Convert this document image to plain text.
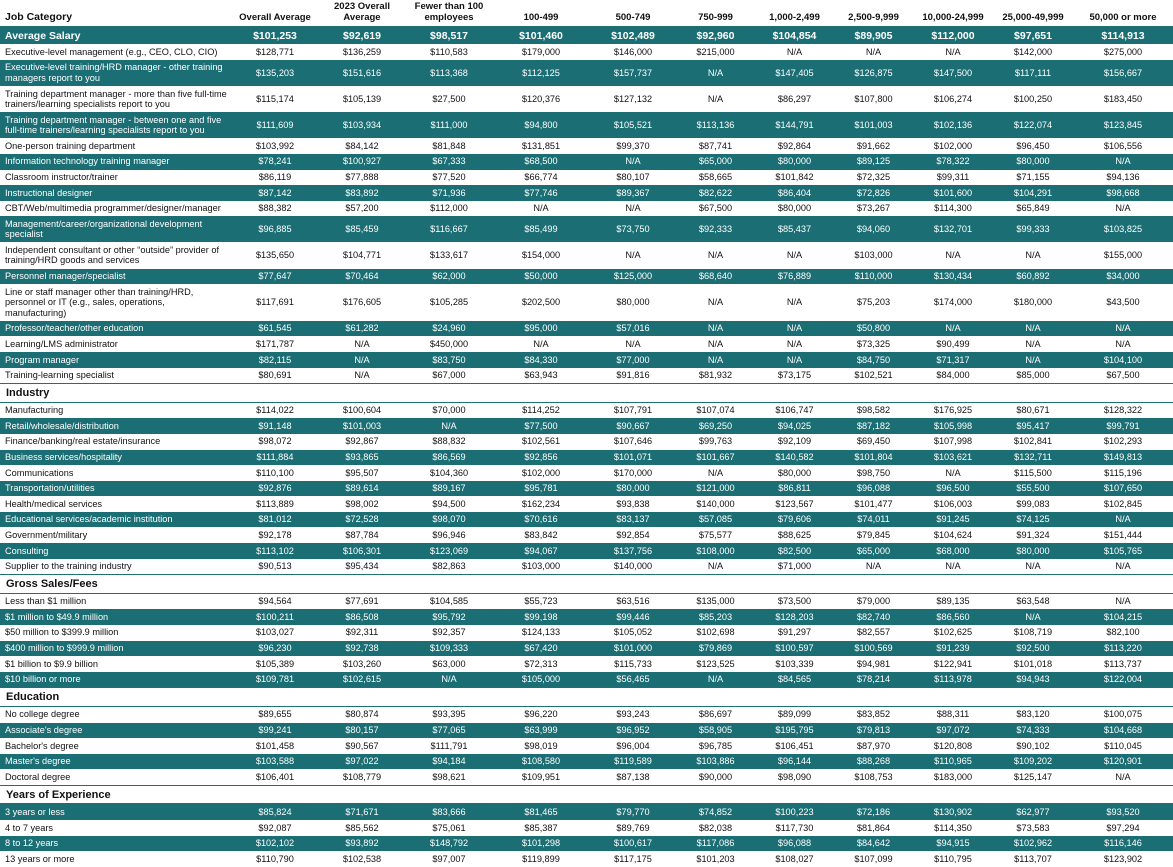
Job Category	Overall Average	2023 Overall Average	Fewer than 100 employees	100-499	500-749	750-999	1,000-2,499	2,500-9,999	10,000-24,999	25,000-49,999	50,000 or more
Average Salary	$101,253	$92,619	$98,517	$101,460	$102,489	$92,960	$104,854	$89,905	$112,000	$97,651	$114,913
Executive-level management (e.g., CEO, CLO, CIO)	$128,771	$136,259	$110,583	$179,000	$146,000	$215,000	N/A	N/A	N/A	$142,000	$275,000
Executive-level training/HRD manager - other training managers report to you	$135,203	$151,616	$113,368	$112,125	$157,737	N/A	$147,405	$126,875	$147,500	$117,111	$156,667
Training department manager - more than five full-time trainers/learning specialists report to you	$115,174	$105,139	$27,500	$120,376	$127,132	N/A	$86,297	$107,800	$106,274	$100,250	$183,450
Training department manager - between one and five full-time trainers/learning specialists report to you	$111,609	$103,934	$111,000	$94,800	$105,521	$113,136	$144,791	$101,003	$102,136	$122,074	$123,845
One-person training department	$103,992	$84,142	$81,848	$131,851	$99,370	$87,741	$92,864	$91,662	$102,000	$96,450	$106,556
Information technology training manager	$78,241	$100,927	$67,333	$68,500	N/A	$65,000	$80,000	$89,125	$78,322	$80,000	N/A
Classroom instructor/trainer	$86,119	$77,888	$77,520	$66,774	$80,107	$58,665	$101,842	$72,325	$99,311	$71,155	$94,136
Instructional designer	$87,142	$83,892	$71,936	$77,746	$89,367	$82,622	$86,404	$72,826	$101,600	$104,291	$98,668
CBT/Web/multimedia programmer/designer/manager	$88,382	$57,200	$112,000	N/A	N/A	$67,500	$80,000	$73,267	$114,300	$65,849	N/A
Management/career/organizational development specialist	$96,885	$85,459	$116,667	$85,499	$73,750	$92,333	$85,437	$94,060	$132,701	$99,333	$103,825
Independent consultant or other “outside” provider of training/HRD goods and services	$135,650	$104,771	$133,617	$154,000	N/A	N/A	N/A	$103,000	N/A	N/A	$155,000
Personnel manager/specialist	$77,647	$70,464	$62,000	$50,000	$125,000	$68,640	$76,889	$110,000	$130,434	$60,892	$34,000
Line or staff manager other than training/HRD, personnel or IT (e.g., sales, operations, manufacturing)	$117,691	$176,605	$105,285	$202,500	$80,000	N/A	N/A	$75,203	$174,000	$180,000	$43,500
Professor/teacher/other education	$61,545	$61,282	$24,960	$95,000	$57,016	N/A	N/A	$50,800	N/A	N/A	N/A
Learning/LMS administrator	$171,787	N/A	$450,000	N/A	N/A	N/A	N/A	$73,325	$90,499	N/A	N/A
Program manager	$82,115	N/A	$83,750	$84,330	$77,000	N/A	N/A	$84,750	$71,317	N/A	$104,100
Training-learning specialist	$80,691	N/A	$67,000	$63,943	$91,816	$81,932	$73,175	$102,521	$84,000	$85,000	$67,500
Industry											
Manufacturing	$114,022	$100,604	$70,000	$114,252	$107,791	$107,074	$106,747	$98,582	$176,925	$80,671	$128,322
Retail/wholesale/distribution	$91,148	$101,003	N/A	$77,500	$90,667	$69,250	$94,025	$87,182	$105,998	$95,417	$99,791
Finance/banking/real estate/insurance	$98,072	$92,867	$88,832	$102,561	$107,646	$99,763	$92,109	$69,450	$107,998	$102,841	$102,293
Business services/hospitality	$111,884	$93,865	$86,569	$92,856	$101,071	$101,667	$140,582	$101,804	$103,621	$132,711	$149,813
Communications	$110,100	$95,507	$104,360	$102,000	$170,000	N/A	$80,000	$98,750	N/A	$115,500	$115,196
Transportation/utilities	$92,876	$89,614	$89,167	$95,781	$80,000	$121,000	$86,811	$96,088	$96,500	$55,500	$107,650
Health/medical services	$113,889	$98,002	$94,500	$162,234	$93,838	$140,000	$123,567	$101,477	$106,003	$99,083	$102,845
Educational services/academic institution	$81,012	$72,528	$98,070	$70,616	$83,137	$57,085	$79,606	$74,011	$91,245	$74,125	N/A
Government/military	$92,178	$87,784	$96,946	$83,842	$92,854	$75,577	$88,625	$79,845	$104,624	$91,324	$151,444
Consulting	$113,102	$106,301	$123,069	$94,067	$137,756	$108,000	$82,500	$65,000	$68,000	$80,000	$105,765
Supplier to the training industry	$90,513	$95,434	$82,863	$103,000	$140,000	N/A	$71,000	N/A	N/A	N/A	N/A
Gross Sales/Fees											
Less than $1 million	$94,564	$77,691	$104,585	$55,723	$63,516	$135,000	$73,500	$79,000	$89,135	$63,548	N/A
$1 million to $49.9 million	$100,211	$86,508	$95,792	$99,198	$99,446	$85,203	$128,203	$82,740	$86,560	N/A	$104,215
$50 million to $399.9 million	$103,027	$92,311	$92,357	$124,133	$105,052	$102,698	$91,297	$82,557	$102,625	$108,719	$82,100
$400 million to $999.9 million	$96,230	$92,738	$109,333	$67,420	$101,000	$79,869	$100,597	$100,569	$91,239	$92,500	$113,220
$1 billion to $9.9 billion	$105,389	$103,260	$63,000	$72,313	$115,733	$123,525	$103,339	$94,981	$122,941	$101,018	$113,737
$10 billion or more	$109,781	$102,615	N/A	$105,000	$56,465	N/A	$84,565	$78,214	$113,978	$94,943	$122,004
Education											
No college degree	$89,655	$80,874	$93,395	$96,220	$93,243	$86,697	$89,099	$83,852	$88,311	$83,120	$100,075
Associate's degree	$99,241	$80,157	$77,065	$63,999	$96,952	$58,905	$195,795	$79,813	$97,072	$74,333	$104,668
Bachelor's degree	$101,458	$90,567	$111,791	$98,019	$96,004	$96,785	$106,451	$87,970	$120,808	$90,102	$110,045
Master's degree	$103,588	$97,022	$94,184	$108,580	$119,589	$103,886	$96,144	$88,268	$110,965	$109,202	$120,901
Doctoral degree	$106,401	$108,779	$98,621	$109,951	$87,138	$90,000	$98,090	$108,753	$183,000	$125,147	N/A
Years of Experience											
3 years or less	$85,824	$71,671	$83,666	$81,465	$79,770	$74,852	$100,223	$72,186	$130,902	$62,977	$93,520
4 to 7 years	$92,087	$85,562	$75,061	$85,387	$89,769	$82,038	$117,730	$81,864	$114,350	$73,583	$97,294
8 to 12 years	$102,102	$93,892	$148,792	$101,298	$100,617	$117,086	$96,088	$84,642	$94,915	$102,962	$116,146
13 years or more	$110,790	$102,538	$97,007	$119,899	$117,175	$101,203	$108,027	$107,099	$110,795	$113,707	$123,902
